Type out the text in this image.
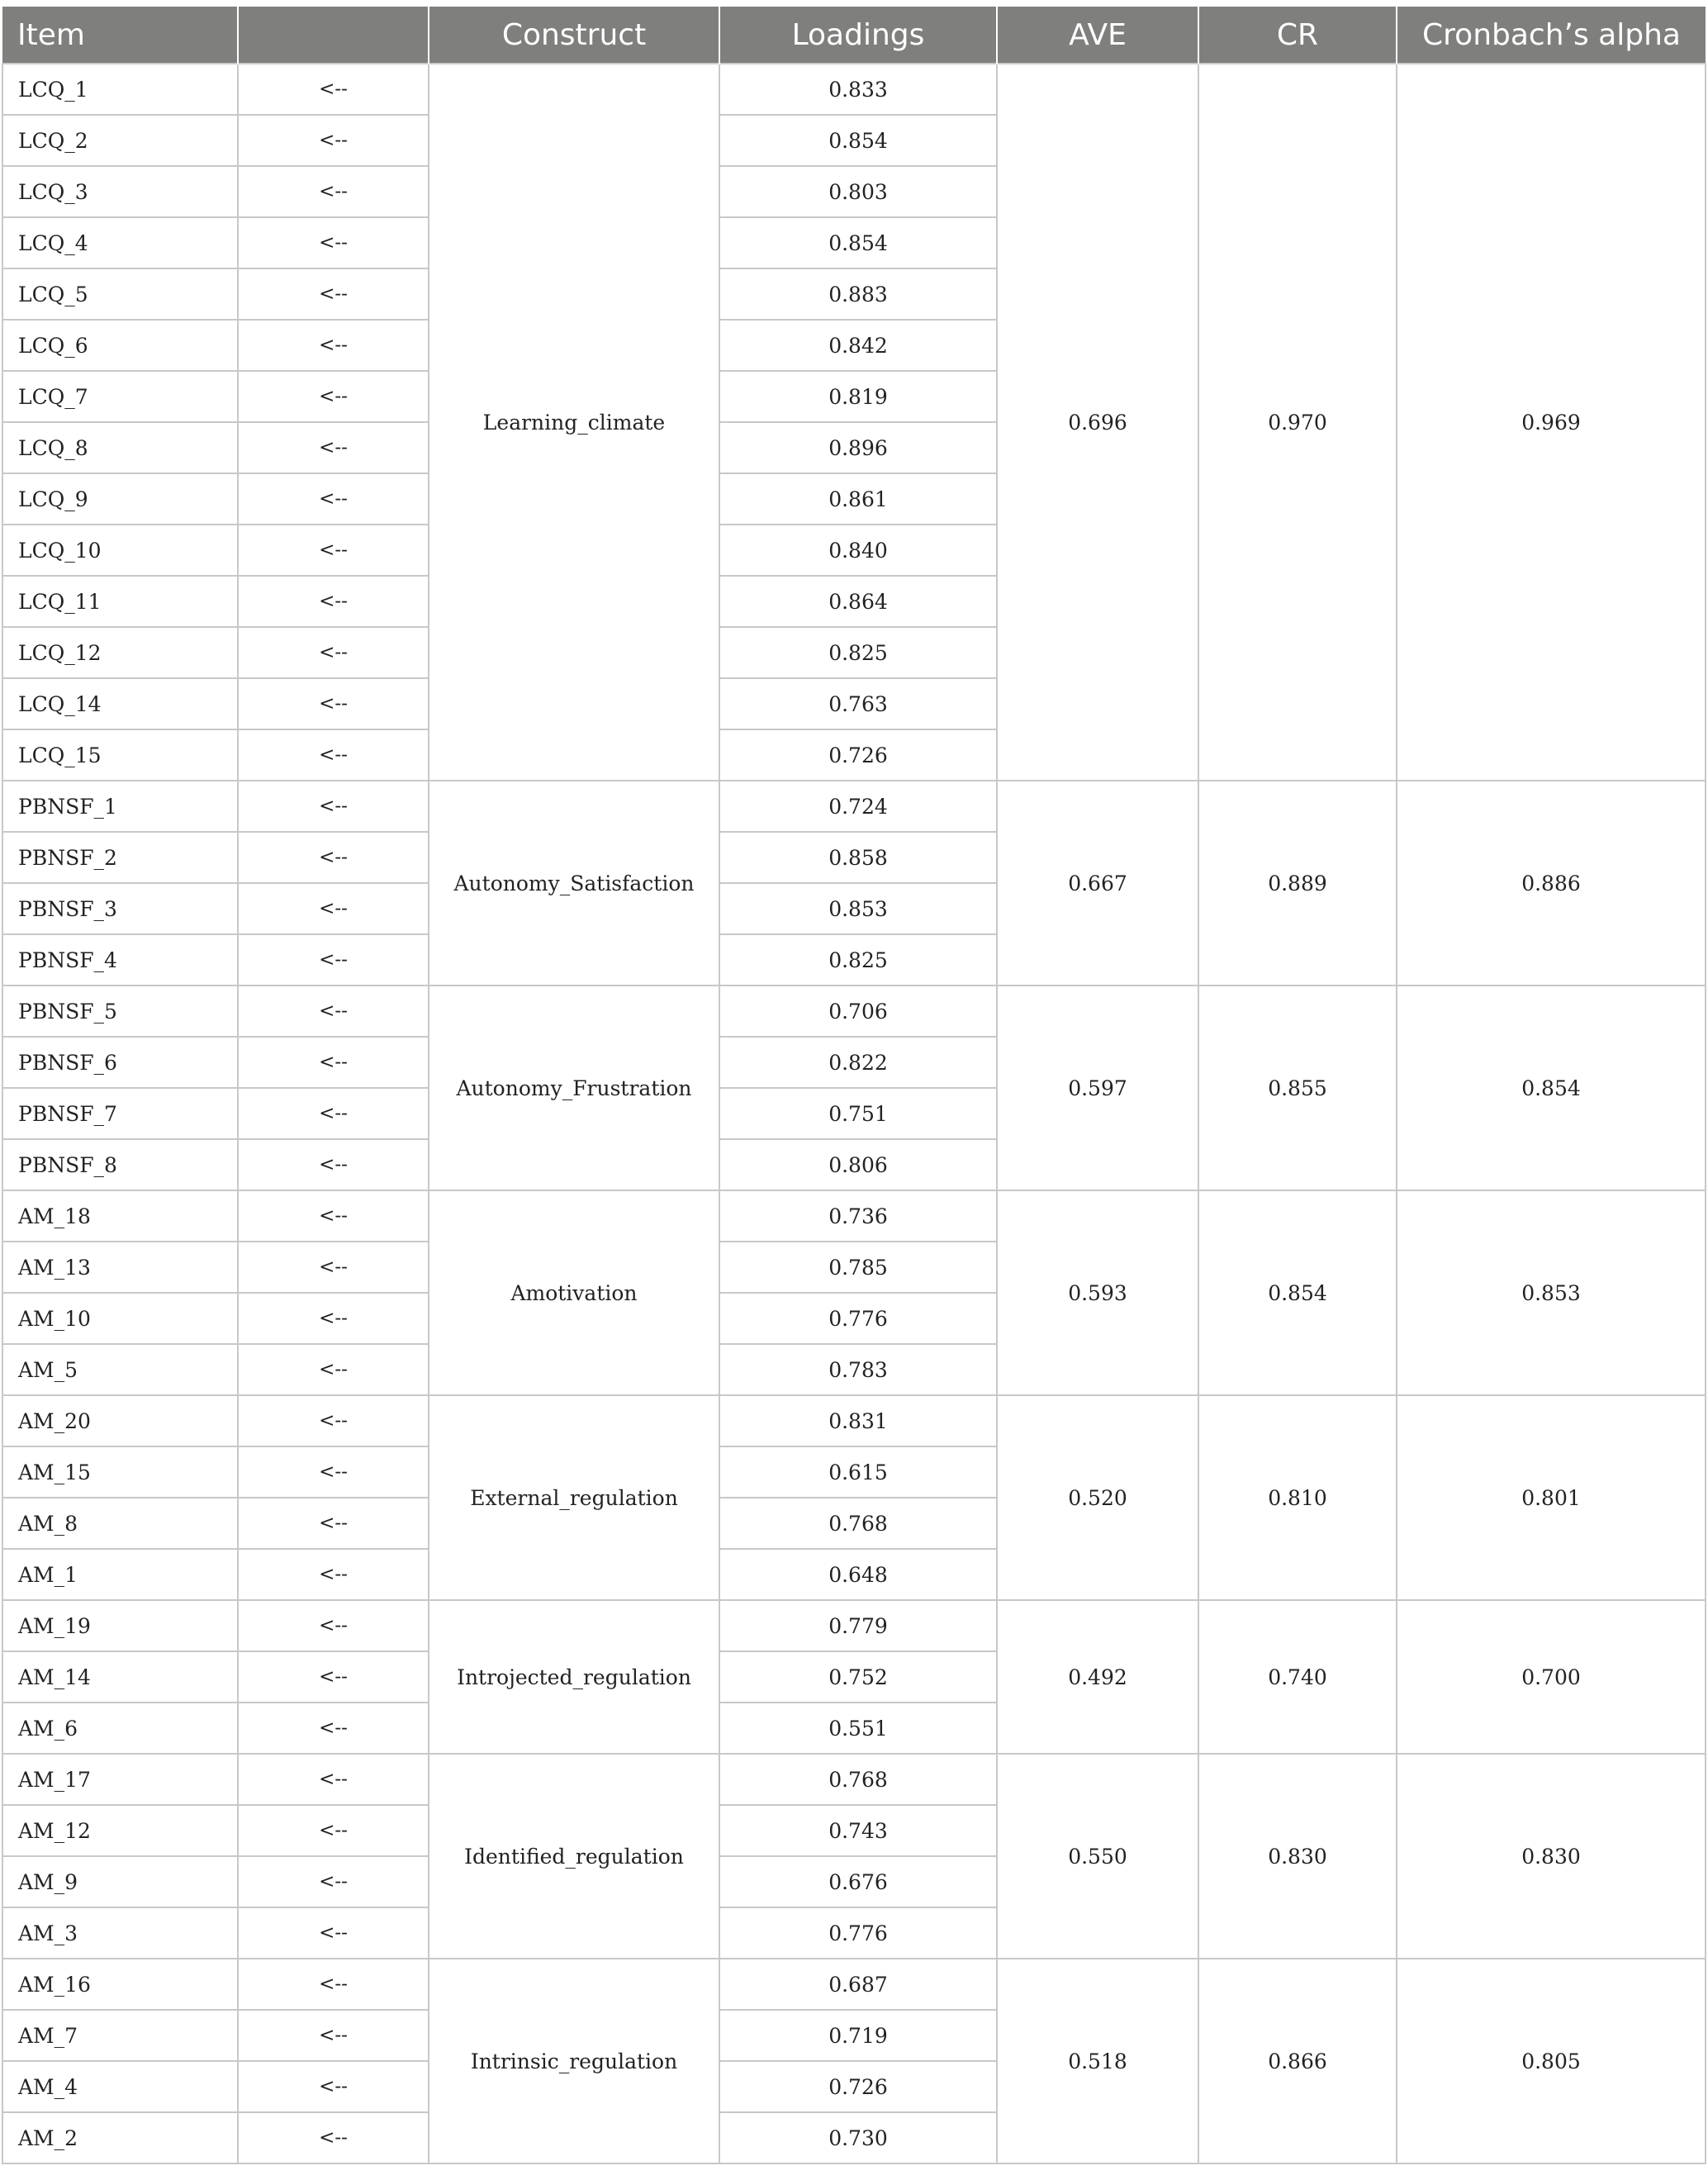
Item		Construct	Loadings	AVE	CR	Cronbach’s alpha
LCQ_1	<--	Learning_climate	0.833	0.696	0.970	0.969
LCQ_2	<--		0.854			
LCQ_3	<--		0.803			
LCQ_4	<--		0.854			
LCQ_5	<--		0.883			
LCQ_6	<--		0.842			
LCQ_7	<--		0.819			
LCQ_8	<--		0.896			
LCQ_9	<--		0.861			
LCQ_10	<--		0.840			
LCQ_11	<--		0.864			
LCQ_12	<--		0.825			
LCQ_14	<--		0.763			
LCQ_15	<--		0.726			
PBNSF_1	<--	Autonomy_Satisfaction	0.724	0.667	0.889	0.886
PBNSF_2	<--		0.858			
PBNSF_3	<--		0.853			
PBNSF_4	<--		0.825			
PBNSF_5	<--	Autonomy_Frustration	0.706	0.597	0.855	0.854
PBNSF_6	<--		0.822			
PBNSF_7	<--		0.751			
PBNSF_8	<--		0.806			
AM_18	<--	Amotivation	0.736	0.593	0.854	0.853
AM_13	<--		0.785			
AM_10	<--		0.776			
AM_5	<--		0.783			
AM_20	<--	External_regulation	0.831	0.520	0.810	0.801
AM_15	<--		0.615			
AM_8	<--		0.768			
AM_1	<--		0.648			
AM_19	<--	Introjected_regulation	0.779	0.492	0.740	0.700
AM_14	<--		0.752			
AM_6	<--		0.551			
AM_17	<--	Identified_regulation	0.768	0.550	0.830	0.830
AM_12	<--		0.743			
AM_9	<--		0.676			
AM_3	<--		0.776			
AM_16	<--	Intrinsic_regulation	0.687	0.518	0.866	0.805
AM_7	<--		0.719			
AM_4	<--		0.726			
AM_2	<--		0.730			
